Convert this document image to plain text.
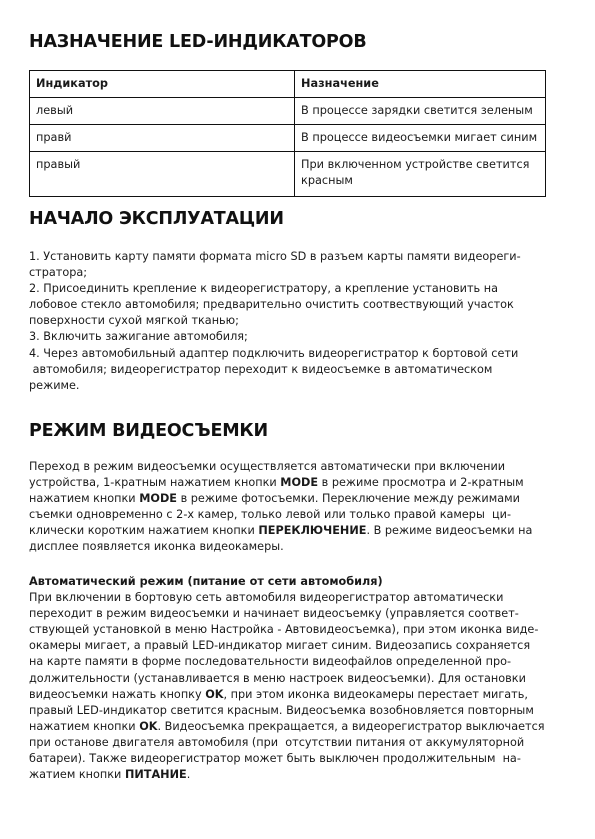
НАЗНАЧЕНИЕ LED-ИНДИКАТОРОВ
Индикатор	Назначение
левый	В процессе зарядки светится зеленым
правй	В процессе видеосъемки мигает синим
правый	При включенном устройстве светится
красным
НАЧАЛО ЭКСПЛУАТАЦИИ
1. Установить карту памяти формата micro SD в разъем карты памяти видеореги-
стратора;
2. Присоединить крепление к видеорегистратору, а крепление установить на
лобовое стекло автомобиля; предварительно очистить соотвествующий участок
поверхности сухой мягкой тканью;
3. Включить зажигание автомобиля;
4. Через автомобильный адаптер подключить видеорегистратор к бортовой сети
автомобиля; видеорегистратор переходит к видеосъемке в автоматическом
режиме.
РЕЖИМ ВИДЕОСЪЕМКИ
Переход в режим видеосъемки осуществляется автоматически при включении
устройства, 1-кратным нажатием кнопки MODE в режиме просмотра и 2-кратным
нажатием кнопки MODE в режиме фотосъемки. Переключение между режимами
съемки одновременно с 2-х камер, только левой или только правой камеры  ци-
клически коротким нажатием кнопки ПЕРЕКЛЮЧЕНИЕ. В режиме видеосъемки на
дисплее появляется иконка видеокамеры.
Автоматический режим (питание от сети автомобиля)
При включении в бортовую сеть автомобиля видеорегистратор автоматически
переходит в режим видеосъемки и начинает видеосъемку (управляется соответ-
ствующей установкой в меню Настройка - Автовидеосъемка), при этом иконка виде-
окамеры мигает, а правый LED-индикатор мигает синим. Видеозапись сохраняется
на карте памяти в форме последовательности видеофайлов определенной про-
должительности (устанавливается в меню настроек видеосъемки). Для остановки
видеосъемки нажать кнопку OK, при этом иконка видеокамеры перестает мигать,
правый LED-индикатор светится красным. Видеосъемка возобновляется повторным
нажатием кнопки OK. Видеосъемка прекращается, а видеорегистратор выключается
при останове двигателя автомобиля (при  отсутствии питания от аккумуляторной
батареи). Также видеорегистратор может быть выключен продолжительным  на-
жатием кнопки ПИТАНИЕ.
